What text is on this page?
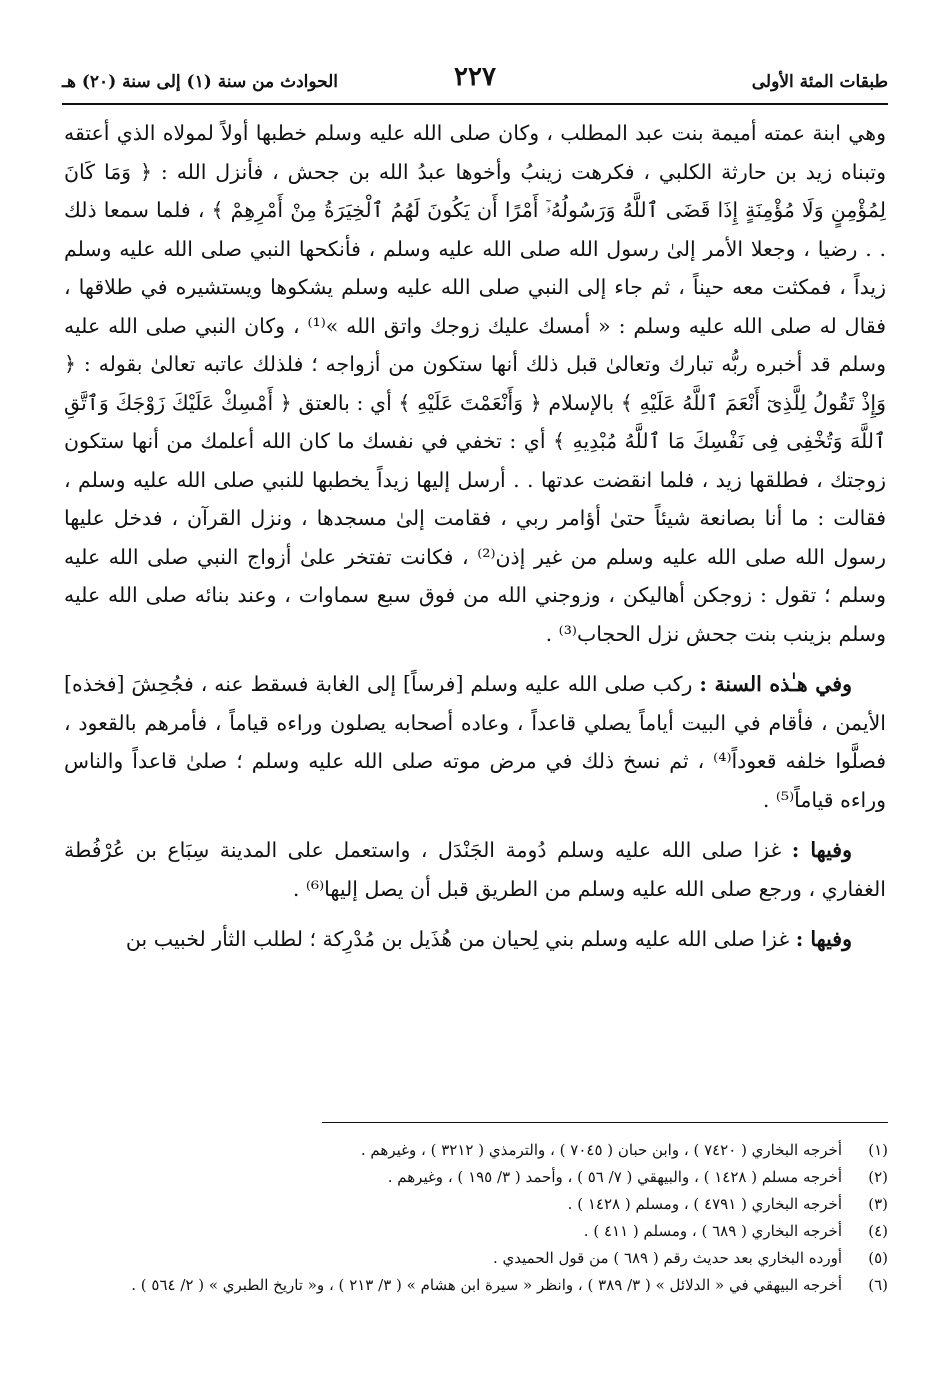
طبقات المئة الأولى
٢٢٧
الحوادث من سنة (١) إلى سنة (٢٠) هـ

وهي ابنة عمته أميمة بنت عبد المطلب ، وكان صلى الله عليه وسلم خطبها أولاً لمولاه الذي أعتقه وتبناه زيد بن حارثة الكلبي ، فكرهت زينبُ وأخوها عبدُ الله بن جحش ، فأنزل الله : ﴿ وَمَا كَانَ لِمُؤْمِنٍ وَلَا مُؤْمِنَةٍ إِذَا قَضَى ٱللَّهُ وَرَسُولُهُۥٓ أَمْرًا أَن يَكُونَ لَهُمُ ٱلْخِيَرَةُ مِنْ أَمْرِهِمْ ﴾ ، فلما سمعا ذلك . . رضيا ، وجعلا الأمر إلىٰ رسول الله صلى الله عليه وسلم ، فأنكحها النبي صلى الله عليه وسلم زيداً ، فمكثت معه حيناً ، ثم جاء إلى النبي صلى الله عليه وسلم يشكوها ويستشيره في طلاقها ، فقال له صلى الله عليه وسلم : « أمسك عليك زوجك واتق الله »⁽¹⁾ ، وكان النبي صلى الله عليه وسلم قد أخبره ربُّه تبارك وتعالىٰ قبل ذلك أنها ستكون من أزواجه ؛ فلذلك عاتبه تعالىٰ بقوله : ﴿ وَإِذْ تَقُولُ لِلَّذِىٓ أَنْعَمَ ٱللَّهُ عَلَيْهِ ﴾ بالإسلام ﴿ وَأَنْعَمْتَ عَلَيْهِ ﴾ أي : بالعتق ﴿ أَمْسِكْ عَلَيْكَ زَوْجَكَ وَٱتَّقِ ٱللَّهَ وَتُخْفِى فِى نَفْسِكَ مَا ٱللَّهُ مُبْدِيهِ ﴾ أي : تخفي في نفسك ما كان الله أعلمك من أنها ستكون زوجتك ، فطلقها زيد ، فلما انقضت عدتها . . أرسل إليها زيداً يخطبها للنبي صلى الله عليه وسلم ، فقالت : ما أنا بصانعة شيئاً حتىٰ أؤامر ربي ، فقامت إلىٰ مسجدها ، ونزل القرآن ، فدخل عليها رسول الله صلى الله عليه وسلم من غير إذن⁽²⁾ ، فكانت تفتخر علىٰ أزواج النبي صلى الله عليه وسلم ؛ تقول : زوجكن أهاليكن ، وزوجني الله من فوق سبع سماوات ، وعند بنائه صلى الله عليه وسلم بزينب بنت جحش نزل الحجاب⁽³⁾ .

وفي هـٰذه السنة : ركب صلى الله عليه وسلم [فرساً] إلى الغابة فسقط عنه ، فجُحِشَ [فخذه] الأيمن ، فأقام في البيت أياماً يصلي قاعداً ، وعاده أصحابه يصلون وراءه قياماً ، فأمرهم بالقعود ، فصلَّوا خلفه قعوداً⁽⁴⁾ ، ثم نسخ ذلك في مرض موته صلى الله عليه وسلم ؛ صلىٰ قاعداً والناس وراءه قياماً⁽⁵⁾ .

وفيها : غزا صلى الله عليه وسلم دُومة الجَنْدَل ، واستعمل على المدينة سِبَاع بن عُرْفُطة الغفاري ، ورجع صلى الله عليه وسلم من الطريق قبل أن يصل إليها⁽⁶⁾ .

وفيها : غزا صلى الله عليه وسلم بني لِحيان من هُذَيل بن مُدْرِكة ؛ لطلب الثأر لخبيب بن

(١)
أخرجه البخاري ( ٧٤٢٠ ) ، وابن حبان ( ٧٠٤٥ ) ، والترمذي ( ٣٢١٢ ) ، وغيرهم .
(٢)
أخرجه مسلم ( ١٤٢٨ ) ، والبيهقي ( ٧/ ٥٦ ) ، وأحمد ( ٣/ ١٩٥ ) ، وغيرهم .
(٣)
أخرجه البخاري ( ٤٧٩١ ) ، ومسلم ( ١٤٢٨ ) .
(٤)
أخرجه البخاري ( ٦٨٩ ) ، ومسلم ( ٤١١ ) .
(٥)
أورده البخاري بعد حديث رقم ( ٦٨٩ ) من قول الحميدي .
(٦)
أخرجه البيهقي في « الدلائل » ( ٣/ ٣٨٩ ) ، وانظر « سيرة ابن هشام » ( ٣/ ٢١٣ ) ، و« تاريخ الطبري » ( ٢/ ٥٦٤ ) .
